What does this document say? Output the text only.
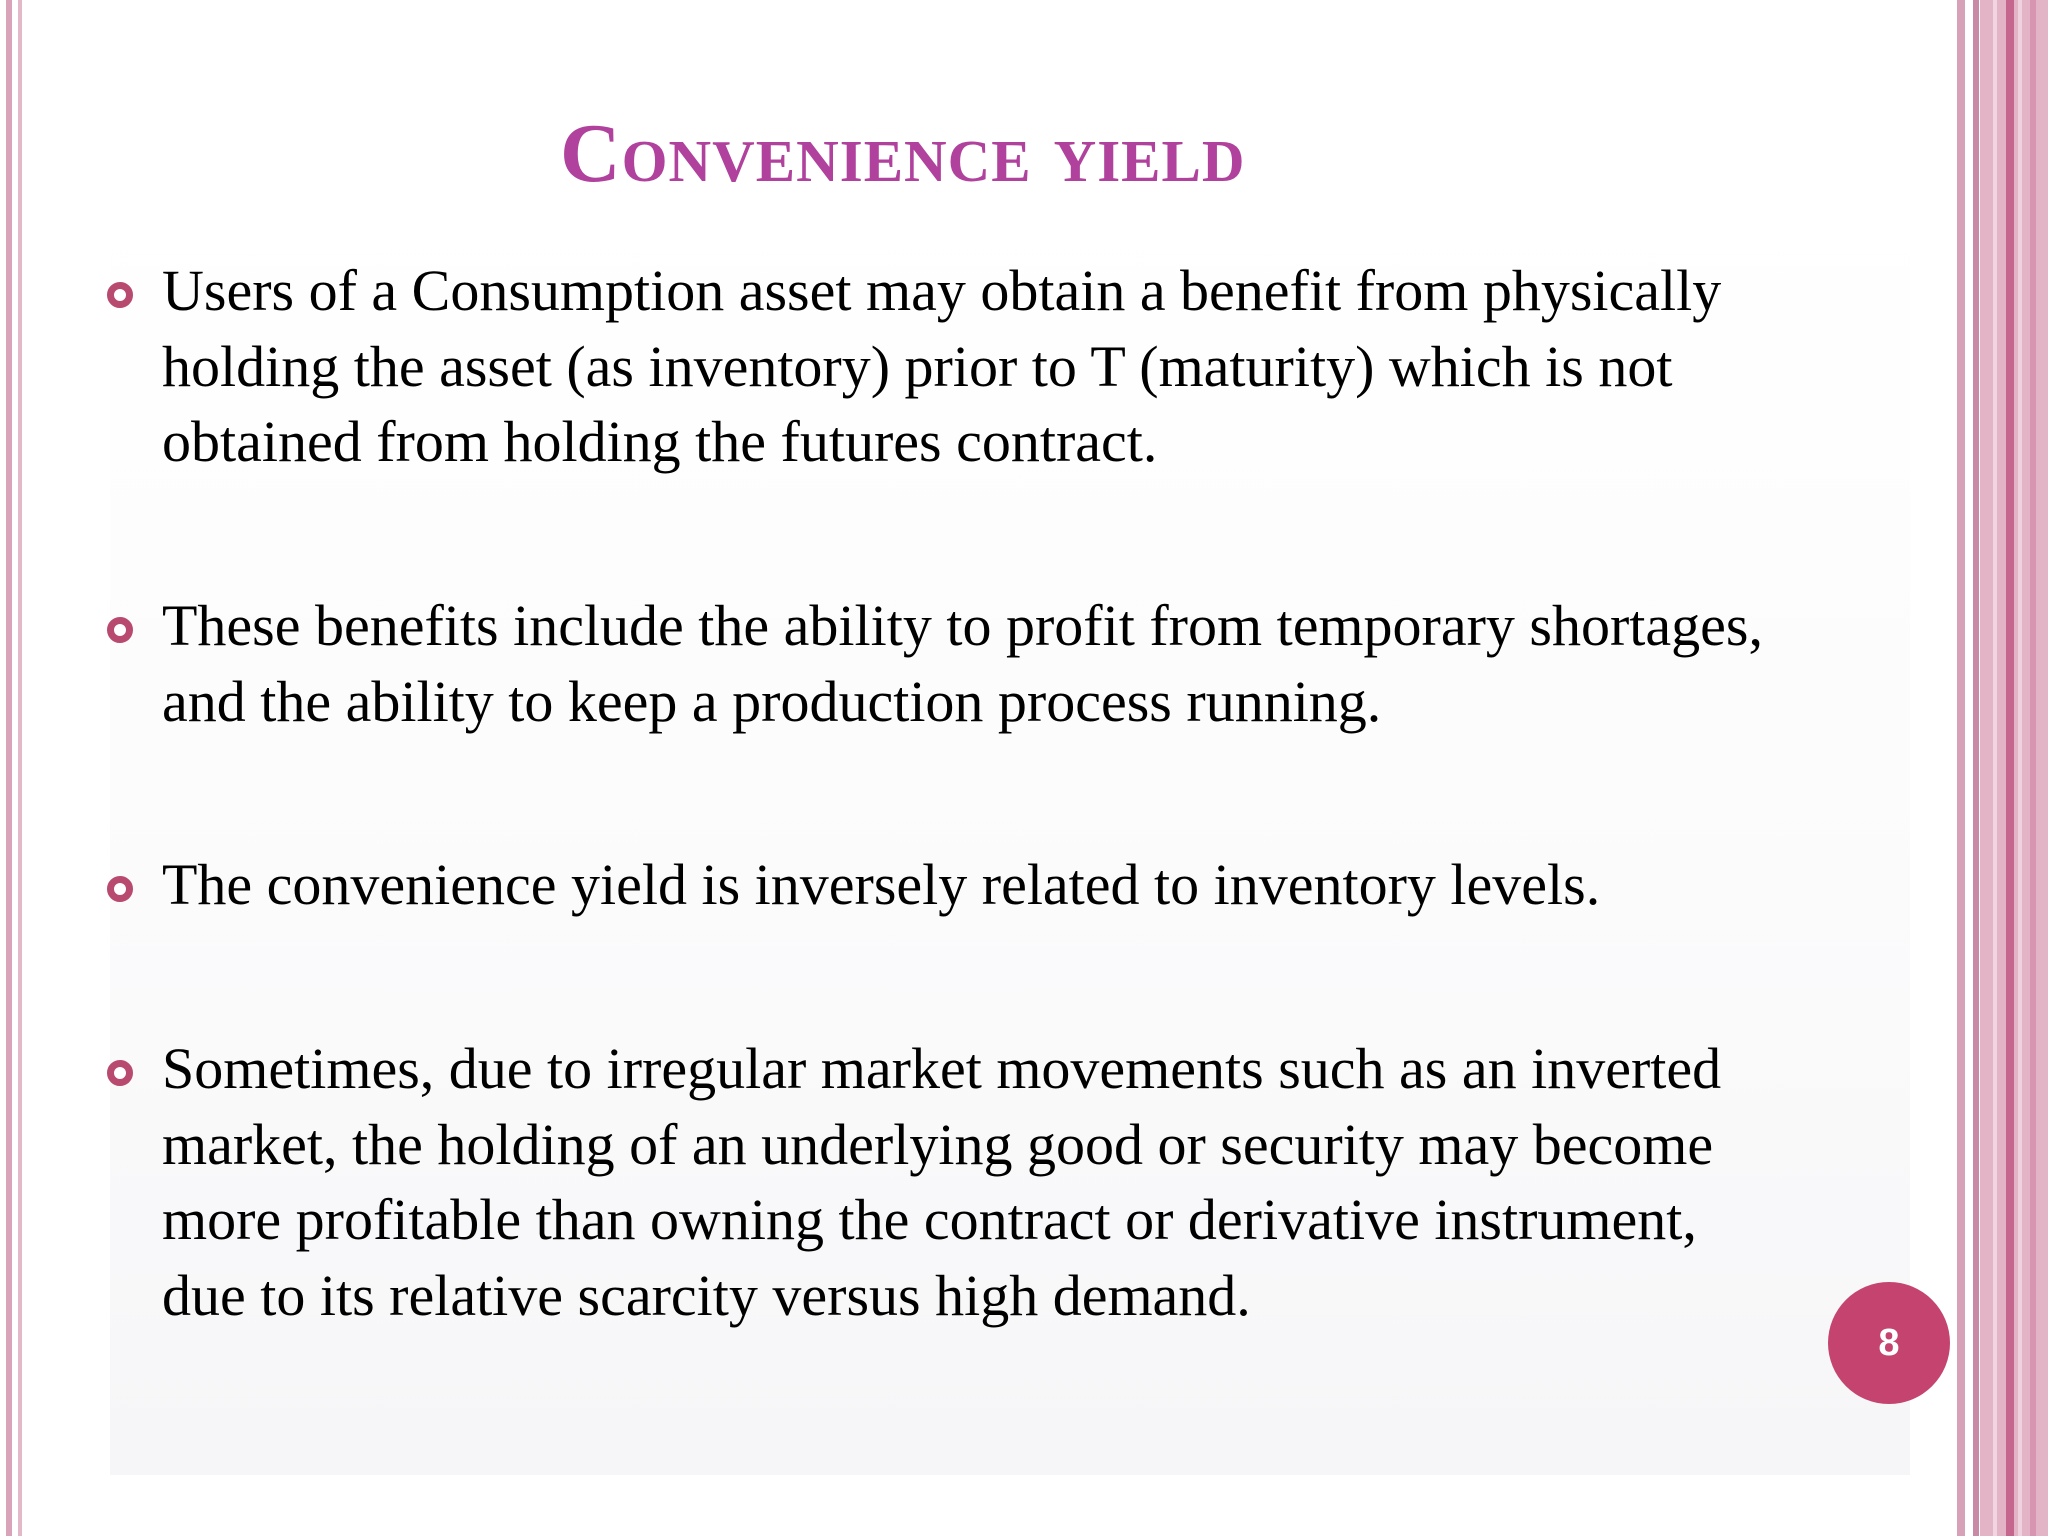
Convenience yield
Users of a Consumption asset may obtain a benefit from physically
holding the asset (as inventory) prior to T (maturity) which is not
obtained from holding the futures contract.
These benefits include the ability to profit from temporary shortages,
and the ability to keep a production process running.
The convenience yield is inversely related to inventory levels.
Sometimes, due to irregular market movements such as an inverted
market, the holding of an underlying good or security may become
more profitable than owning the contract or derivative instrument,
due to its relative scarcity versus high demand.
8
